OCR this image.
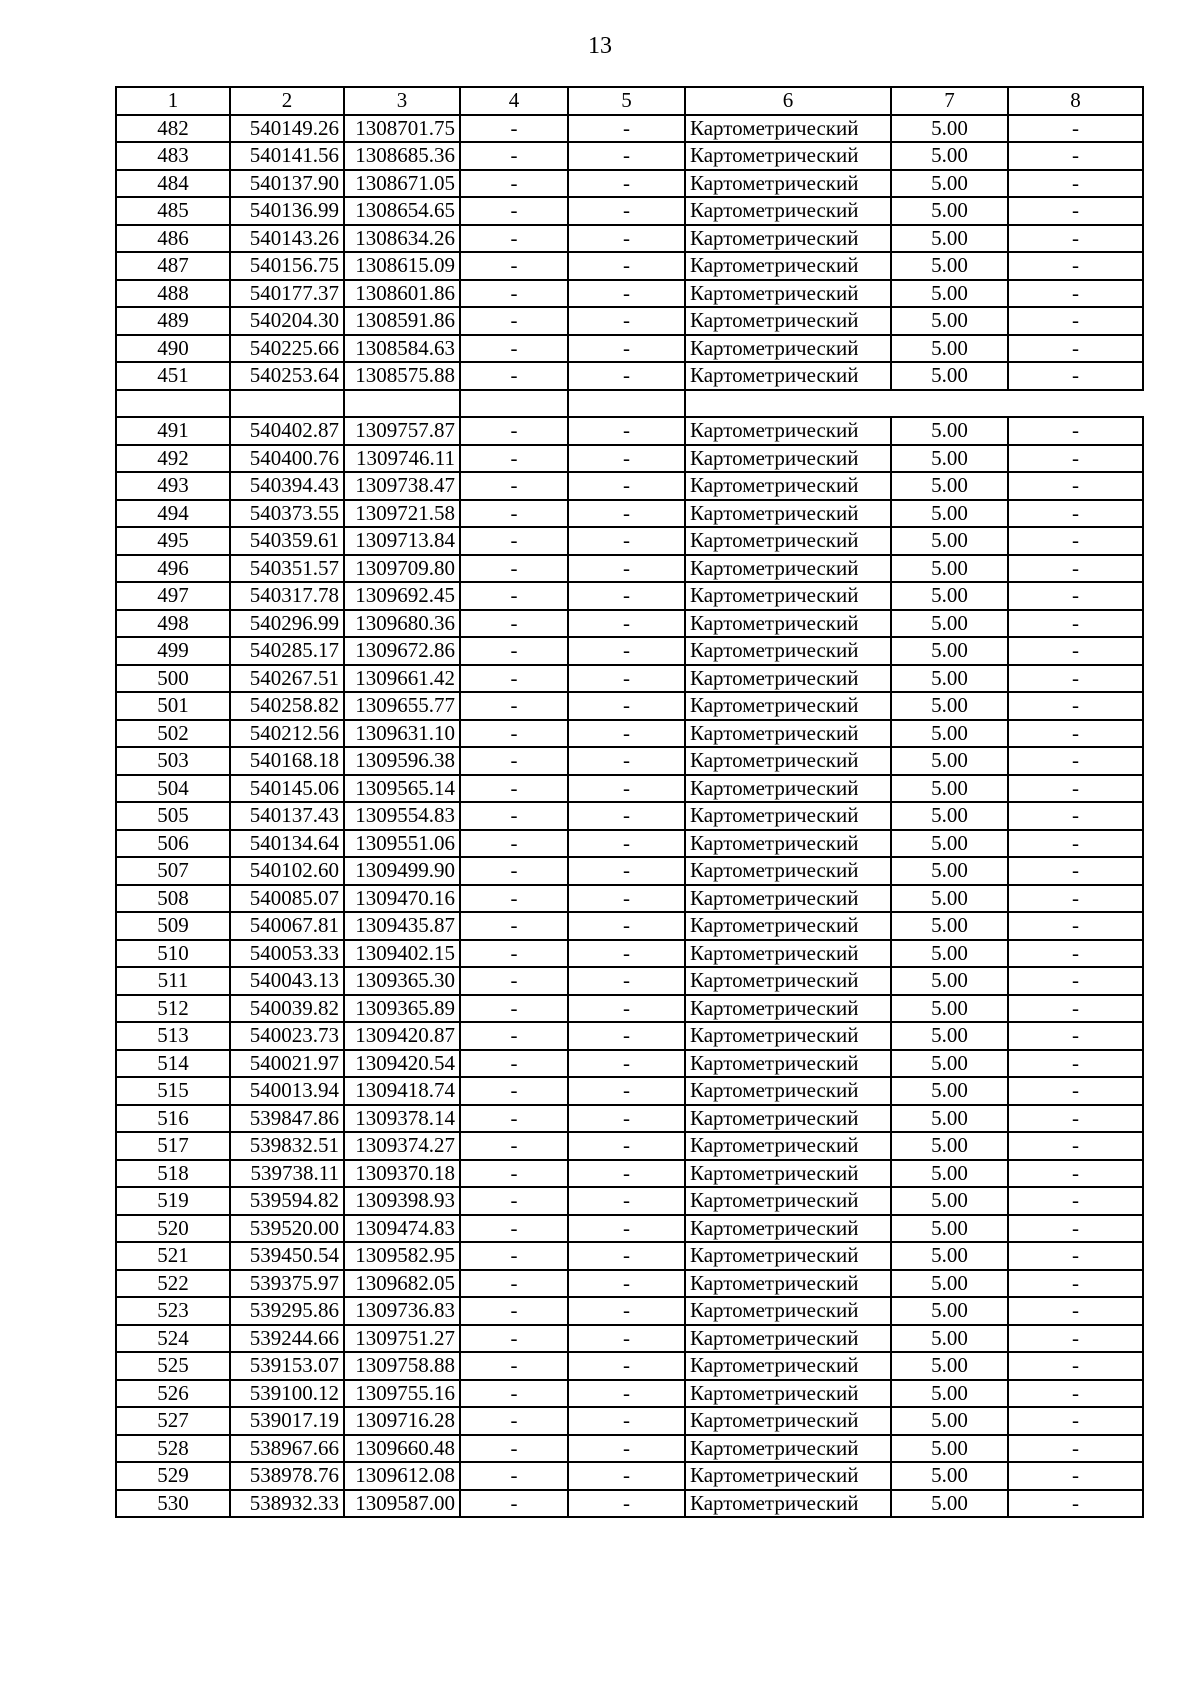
13
1	2	3	4	5	6	7	8
482	540149.26	1308701.75	-	-	Картометрический	5.00	-
483	540141.56	1308685.36	-	-	Картометрический	5.00	-
484	540137.90	1308671.05	-	-	Картометрический	5.00	-
485	540136.99	1308654.65	-	-	Картометрический	5.00	-
486	540143.26	1308634.26	-	-	Картометрический	5.00	-
487	540156.75	1308615.09	-	-	Картометрический	5.00	-
488	540177.37	1308601.86	-	-	Картометрический	5.00	-
489	540204.30	1308591.86	-	-	Картометрический	5.00	-
490	540225.66	1308584.63	-	-	Картометрический	5.00	-
451	540253.64	1308575.88	-	-	Картометрический	5.00	-

491	540402.87	1309757.87	-	-	Картометрический	5.00	-
492	540400.76	1309746.11	-	-	Картометрический	5.00	-
493	540394.43	1309738.47	-	-	Картометрический	5.00	-
494	540373.55	1309721.58	-	-	Картометрический	5.00	-
495	540359.61	1309713.84	-	-	Картометрический	5.00	-
496	540351.57	1309709.80	-	-	Картометрический	5.00	-
497	540317.78	1309692.45	-	-	Картометрический	5.00	-
498	540296.99	1309680.36	-	-	Картометрический	5.00	-
499	540285.17	1309672.86	-	-	Картометрический	5.00	-
500	540267.51	1309661.42	-	-	Картометрический	5.00	-
501	540258.82	1309655.77	-	-	Картометрический	5.00	-
502	540212.56	1309631.10	-	-	Картометрический	5.00	-
503	540168.18	1309596.38	-	-	Картометрический	5.00	-
504	540145.06	1309565.14	-	-	Картометрический	5.00	-
505	540137.43	1309554.83	-	-	Картометрический	5.00	-
506	540134.64	1309551.06	-	-	Картометрический	5.00	-
507	540102.60	1309499.90	-	-	Картометрический	5.00	-
508	540085.07	1309470.16	-	-	Картометрический	5.00	-
509	540067.81	1309435.87	-	-	Картометрический	5.00	-
510	540053.33	1309402.15	-	-	Картометрический	5.00	-
511	540043.13	1309365.30	-	-	Картометрический	5.00	-
512	540039.82	1309365.89	-	-	Картометрический	5.00	-
513	540023.73	1309420.87	-	-	Картометрический	5.00	-
514	540021.97	1309420.54	-	-	Картометрический	5.00	-
515	540013.94	1309418.74	-	-	Картометрический	5.00	-
516	539847.86	1309378.14	-	-	Картометрический	5.00	-
517	539832.51	1309374.27	-	-	Картометрический	5.00	-
518	539738.11	1309370.18	-	-	Картометрический	5.00	-
519	539594.82	1309398.93	-	-	Картометрический	5.00	-
520	539520.00	1309474.83	-	-	Картометрический	5.00	-
521	539450.54	1309582.95	-	-	Картометрический	5.00	-
522	539375.97	1309682.05	-	-	Картометрический	5.00	-
523	539295.86	1309736.83	-	-	Картометрический	5.00	-
524	539244.66	1309751.27	-	-	Картометрический	5.00	-
525	539153.07	1309758.88	-	-	Картометрический	5.00	-
526	539100.12	1309755.16	-	-	Картометрический	5.00	-
527	539017.19	1309716.28	-	-	Картометрический	5.00	-
528	538967.66	1309660.48	-	-	Картометрический	5.00	-
529	538978.76	1309612.08	-	-	Картометрический	5.00	-
530	538932.33	1309587.00	-	-	Картометрический	5.00	-
